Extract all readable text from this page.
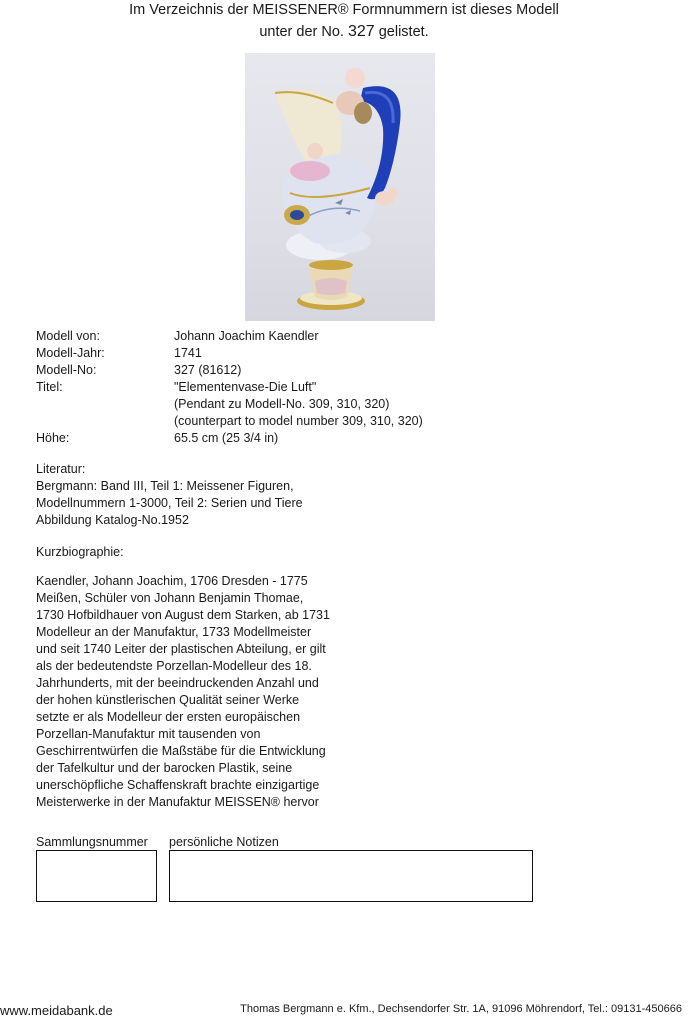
Im Verzeichnis der MEISSENER® Formnummern ist dieses Modell
unter der No. 327 gelistet.
Modell von:	Johann Joachim Kaendler
Modell-Jahr:	1741
Modell-No:	327 (81612)
Titel:	"Elementenvase-Die Luft"
(Pendant zu Modell-No. 309, 310, 320)
(counterpart to model number 309, 310, 320)
Höhe:	65.5 cm (25 3/4 in)
Literatur:
Bergmann: Band III, Teil 1: Meissener Figuren,
Modellnummern 1-3000, Teil 2: Serien und Tiere
Abbildung Katalog-No.1952
Kurzbiographie:
Kaendler, Johann Joachim, 1706 Dresden - 1775
Meißen, Schüler von Johann Benjamin Thomae,
1730 Hofbildhauer von August dem Starken, ab 1731
Modelleur an der Manufaktur, 1733 Modellmeister
und seit 1740 Leiter der plastischen Abteilung, er gilt
als der bedeutendste Porzellan-Modelleur des 18.
Jahrhunderts, mit der beeindruckenden Anzahl und
der hohen künstlerischen Qualität seiner Werke
setzte er als Modelleur der ersten europäischen
Porzellan-Manufaktur mit tausenden von
Geschirrentwürfen die Maßstäbe für die Entwicklung
der Tafelkultur und der barocken Plastik, seine
unerschöpfliche Schaffenskraft brachte einzigartige
Meisterwerke in der Manufaktur MEISSEN® hervor
Sammlungsnummer persönliche Notizen
www.meidabank.de	Thomas Bergmann e. Kfm., Dechsendorfer Str. 1A, 91096 Möhrendorf, Tel.: 09131-450666
